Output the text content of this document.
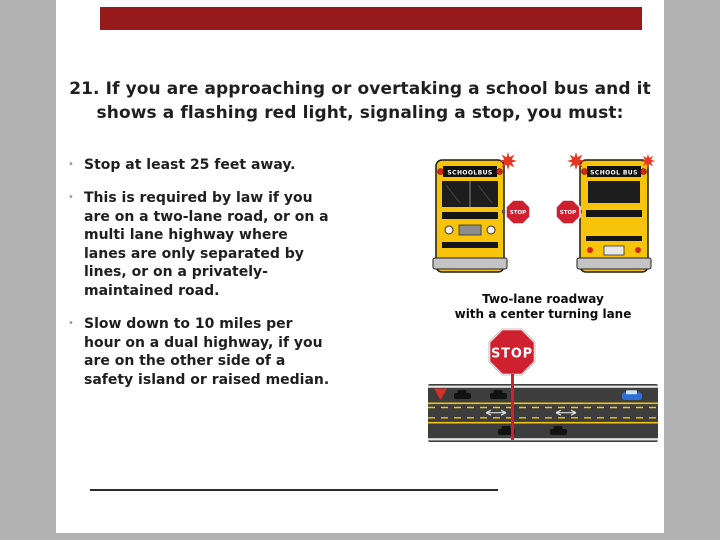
21. If you are approaching or overtaking a school bus and it shows a flashing red light, signaling a stop, you must:
• Stop at least 25 feet away.
• This is required by law if you are on a two-lane road, or on a multi lane highway where lanes are only separated by lines, or on a privately-maintained road.
• Slow down to 10 miles per hour on a dual highway, if you are on the other side of a safety island or raised median.
SCHOOLBUS
STOP
SCHOOL BUS
STOP
Two-lane roadway
with a center turning lane
STOP
